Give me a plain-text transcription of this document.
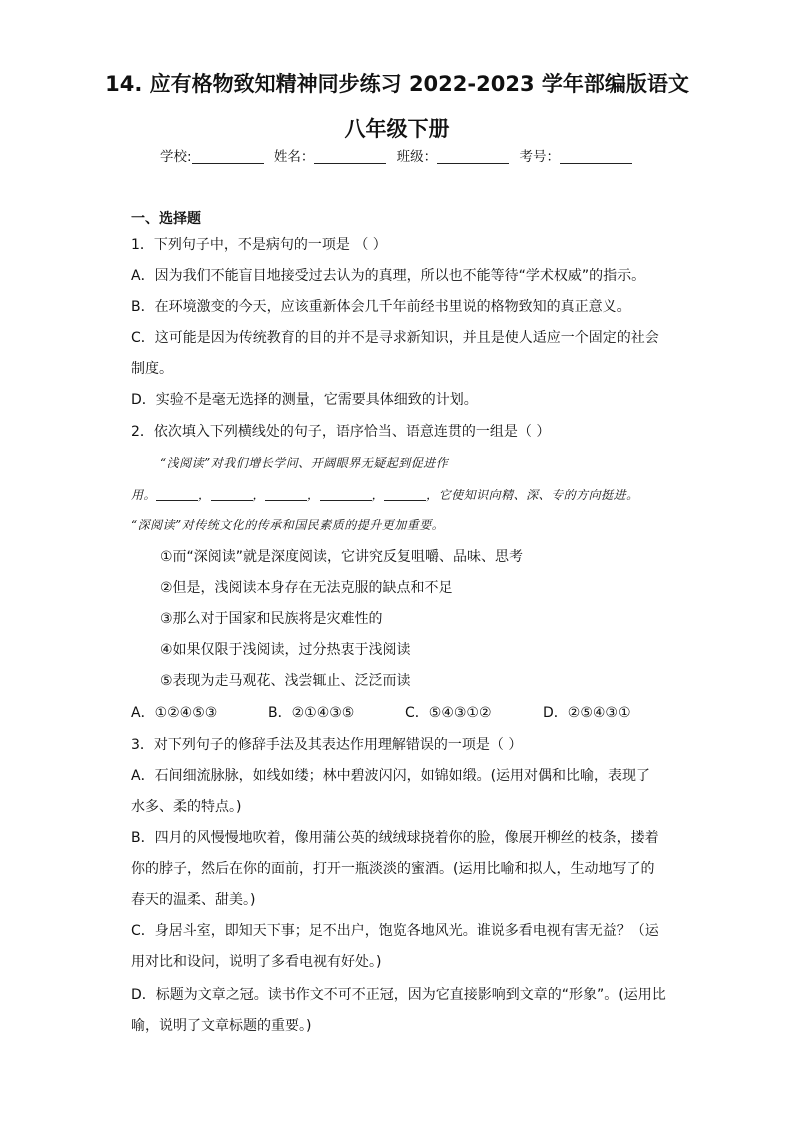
14. 应有格物致知精神同步练习 2022-2023 学年部编版语文
八年级下册
学校:	姓名：	班级：	考号：
一、选择题
1．下列句子中，不是病句的一项是 （ ）
A．因为我们不能盲目地接受过去认为的真理，所以也不能等待“学术权威”的指示。
B．在环境激变的今天，应该重新体会几千年前经书里说的格物致知的真正意义。
C．这可能是因为传统教育的目的并不是寻求新知识，并且是使人适应一个固定的社会
制度。
D．实验不是毫无选择的测量，它需要具体细致的计划。
2．依次填入下列横线处的句子，语序恰当、语意连贯的一组是（ ）
“浅阅读”对我们增长学问、开阔眼界无疑起到促进作
用。	，	，	，	，	，它使知识向精、深、专的方向挺进。
“深阅读”对传统文化的传承和国民素质的提升更加重要。
①而“深阅读”就是深度阅读，它讲究反复咀嚼、品味、思考
②但是，浅阅读本身存在无法克服的缺点和不足
③那么对于国家和民族将是灾难性的
④如果仅限于浅阅读，过分热衷于浅阅读
⑤表现为走马观花、浅尝辄止、泛泛而读
A．①②④⑤③	B．②①④③⑤	C．⑤④③①②	D．②⑤④③①
3．对下列句子的修辞手法及其表达作用理解错误的一项是（ ）
A．石间细流脉脉，如线如缕；林中碧波闪闪，如锦如缎。(运用对偶和比喻，表现了
水多、柔的特点。)
B．四月的风慢慢地吹着，像用蒲公英的绒绒球挠着你的脸，像展开柳丝的枝条，搂着
你的脖子，然后在你的面前，打开一瓶淡淡的蜜酒。(运用比喻和拟人，生动地写了的
春天的温柔、甜美。)
C．身居斗室，即知天下事；足不出户，饱览各地风光。谁说多看电视有害无益？（运
用对比和设问，说明了多看电视有好处。)
D．标题为文章之冠。读书作文不可不正冠，因为它直接影响到文章的“形象”。(运用比
喻，说明了文章标题的重要。)
